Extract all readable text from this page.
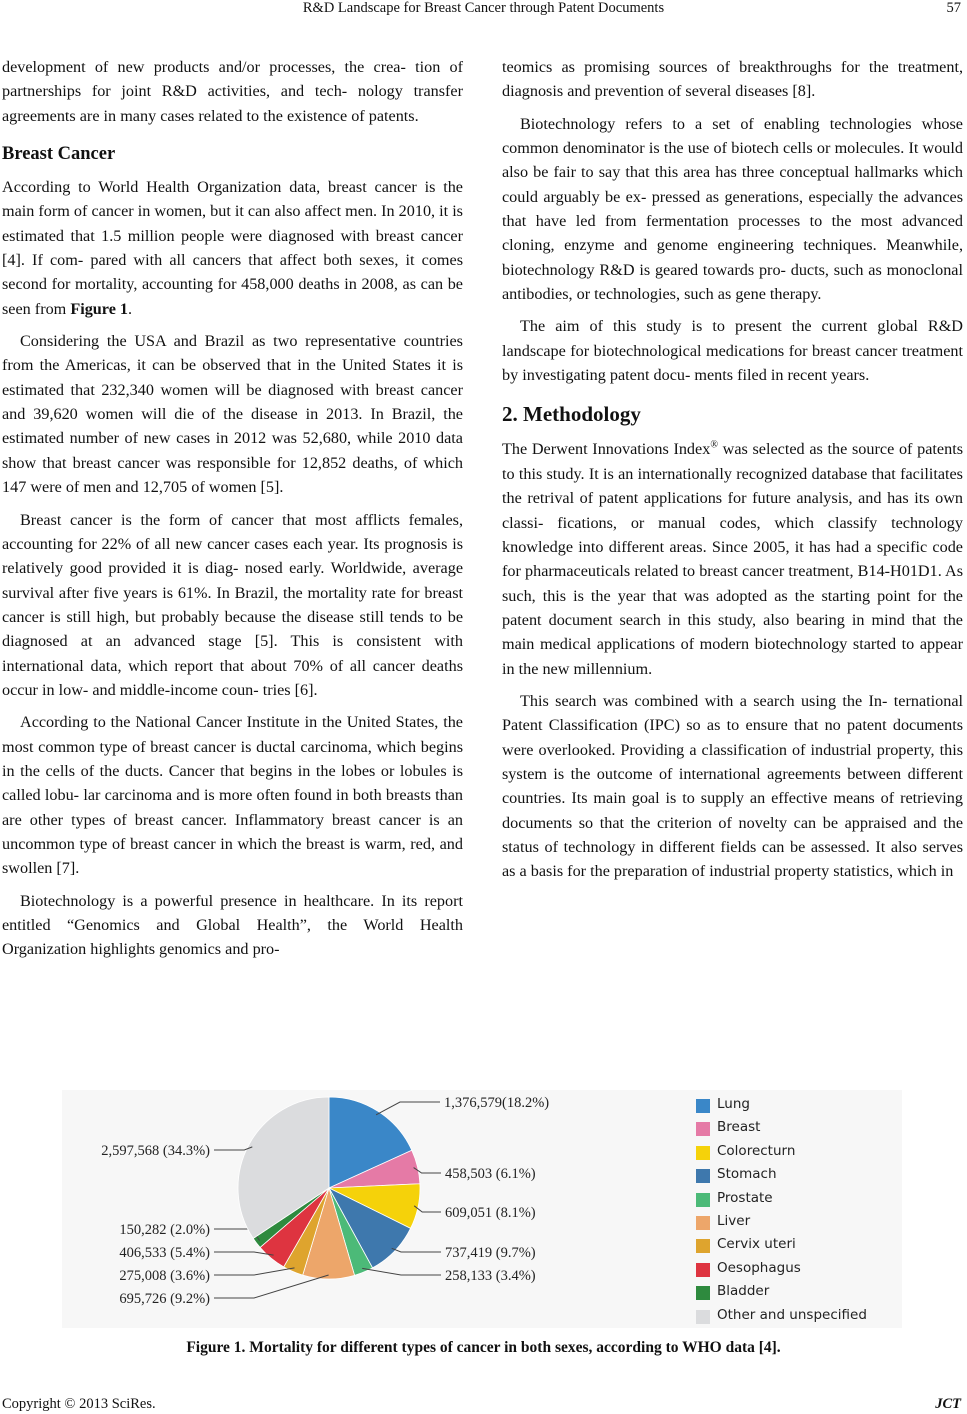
R&D Landscape for Breast Cancer through Patent Documents	57

development of new products and/or processes, the crea- tion of partnerships for joint R&D activities, and tech- nology transfer agreements are in many cases related to the existence of patents.

Breast Cancer

According to World Health Organization data, breast cancer is the main form of cancer in women, but it can also affect men. In 2010, it is estimated that 1.5 million people were diagnosed with breast cancer [4]. If com- pared with all cancers that affect both sexes, it comes second for mortality, accounting for 458,000 deaths in 2008, as can be seen from Figure 1.

Considering the USA and Brazil as two representative countries from the Americas, it can be observed that in the United States it is estimated that 232,340 women will be diagnosed with breast cancer and 39,620 women will die of the disease in 2013. In Brazil, the estimated number of new cases in 2012 was 52,680, while 2010 data show that breast cancer was responsible for 12,852 deaths, of which 147 were of men and 12,705 of women [5].

Breast cancer is the form of cancer that most afflicts females, accounting for 22% of all new cancer cases each year. Its prognosis is relatively good provided it is diag- nosed early. Worldwide, average survival after five years is 61%. In Brazil, the mortality rate for breast cancer is still high, but probably because the disease still tends to be diagnosed at an advanced stage [5]. This is consistent with international data, which report that about 70% of all cancer deaths occur in low- and middle-income coun- tries [6].

According to the National Cancer Institute in the United States, the most common type of breast cancer is ductal carcinoma, which begins in the cells of the ducts. Cancer that begins in the lobes or lobules is called lobu- lar carcinoma and is more often found in both breasts than are other types of breast cancer. Inflammatory breast cancer is an uncommon type of breast cancer in which the breast is warm, red, and swollen [7].

Biotechnology is a powerful presence in healthcare. In its report entitled “Genomics and Global Health”, the World Health Organization highlights genomics and pro-

teomics as promising sources of breakthroughs for the treatment, diagnosis and prevention of several diseases [8].

Biotechnology refers to a set of enabling technologies whose common denominator is the use of biotech cells or molecules. It would also be fair to say that this area has three conceptual hallmarks which could arguably be ex- pressed as generations, especially the advances that have led from fermentation processes to the most advanced cloning, enzyme and genome engineering techniques. Meanwhile, biotechnology R&D is geared towards pro- ducts, such as monoclonal antibodies, or technologies, such as gene therapy.

The aim of this study is to present the current global R&D landscape for biotechnological medications for breast cancer treatment by investigating patent docu- ments filed in recent years.

2. Methodology

The Derwent Innovations Index® was selected as the source of patents to this study. It is an internationally recognized database that facilitates the retrival of patent applications for future analysis, and has its own classi- fications, or manual codes, which classify technology knowledge into different areas. Since 2005, it has had a specific code for pharmaceuticals related to breast cancer treatment, B14-H01D1. As such, this is the year that was adopted as the starting point for the patent document search in this study, also bearing in mind that the main medical applications of modern biotechnology started to appear in the new millennium.

This search was combined with a search using the In- ternational Patent Classification (IPC) so as to ensure that no patent documents were overlooked. Providing a classification of industrial property, this system is the outcome of international agreements between different countries. Its main goal is to supply an effective means of retrieving documents so that the criterion of novelty can be appraised and the status of technology in different fields can be assessed. It also serves as a basis for the preparation of industrial property statistics, which in

1,376,579(18.2%)
458,503 (6.1%)
609,051 (8.1%)
737,419 (9.7%)
258,133 (3.4%)
695,726 (9.2%)
275,008 (3.6%)
406,533 (5.4%)
150,282 (2.0%)
2,597,568 (34.3%)
Lung
Breast
Colorecturn
Stomach
Prostate
Liver
Cervix uteri
Oesophagus
Bladder
Other and unspecified
Figure 1. Mortality for different types of cancer in both sexes, according to WHO data [4].
Copyright © 2013 SciRes.	JCT
